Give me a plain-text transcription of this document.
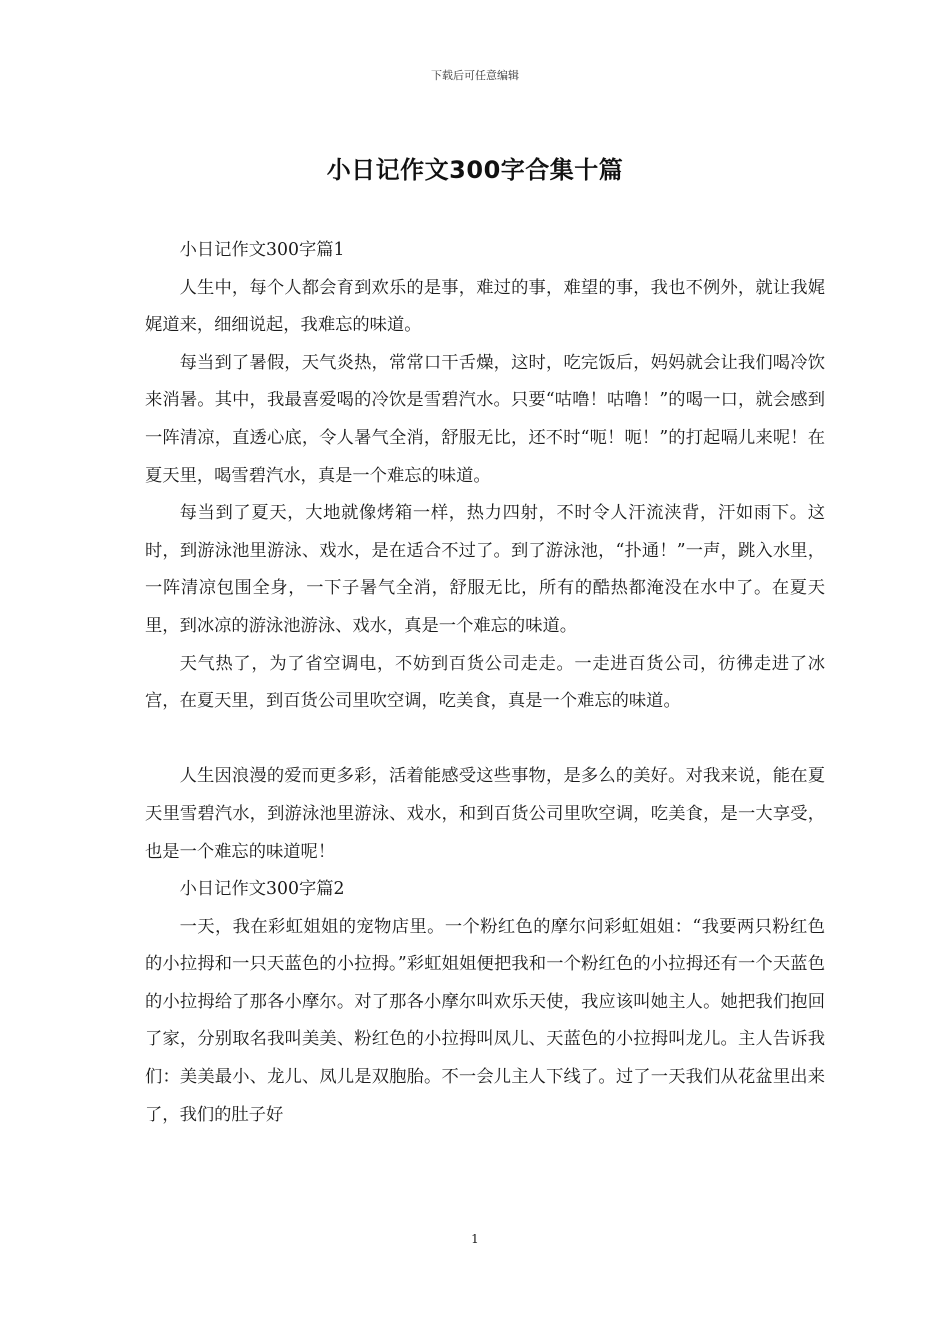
下载后可任意编辑
小日记作文300字合集十篇

小日记作文300字篇1

人生中，每个人都会育到欢乐的是事，难过的事，难望的事，我也不例外，就让我娓娓道来，细细说起，我难忘的味道。

每当到了暑假，天气炎热，常常口干舌燥，这时，吃完饭后，妈妈就会让我们喝冷饮来消暑。其中，我最喜爱喝的冷饮是雪碧汽水。只要“咕噜！咕噜！”的喝一口，就会感到一阵清凉，直透心底，令人暑气全消，舒服无比，还不时“呃！呃！”的打起嗝儿来呢！在夏天里，喝雪碧汽水，真是一个难忘的味道。

每当到了夏天，大地就像烤箱一样，热力四射，不时令人汗流浃背，汗如雨下。这时，到游泳池里游泳、戏水，是在适合不过了。到了游泳池，“扑通！”一声，跳入水里，一阵清凉包围全身，一下子暑气全消，舒服无比，所有的酷热都淹没在水中了。在夏天里，到冰凉的游泳池游泳、戏水，真是一个难忘的味道。

天气热了，为了省空调电，不妨到百货公司走走。一走进百货公司，彷彿走进了冰宫，在夏天里，到百货公司里吹空调，吃美食，真是一个难忘的味道。

人生因浪漫的爱而更多彩，活着能感受这些事物，是多么的美好。对我来说，能在夏天里雪碧汽水，到游泳池里游泳、戏水，和到百货公司里吹空调，吃美食，是一大享受，也是一个难忘的味道呢！

小日记作文300字篇2

一天，我在彩虹姐姐的宠物店里。一个粉红色的摩尔问彩虹姐姐：“我要两只粉红色的小拉拇和一只天蓝色的小拉拇。”彩虹姐姐便把我和一个粉红色的小拉拇还有一个天蓝色的小拉拇给了那各小摩尔。对了那各小摩尔叫欢乐天使，我应该叫她主人。她把我们抱回了家，分别取名我叫美美、粉红色的小拉拇叫凤儿、天蓝色的小拉拇叫龙儿。主人告诉我们：美美最小、龙儿、凤儿是双胞胎。不一会儿主人下线了。过了一天我们从花盆里出来了，我们的肚子好

1
